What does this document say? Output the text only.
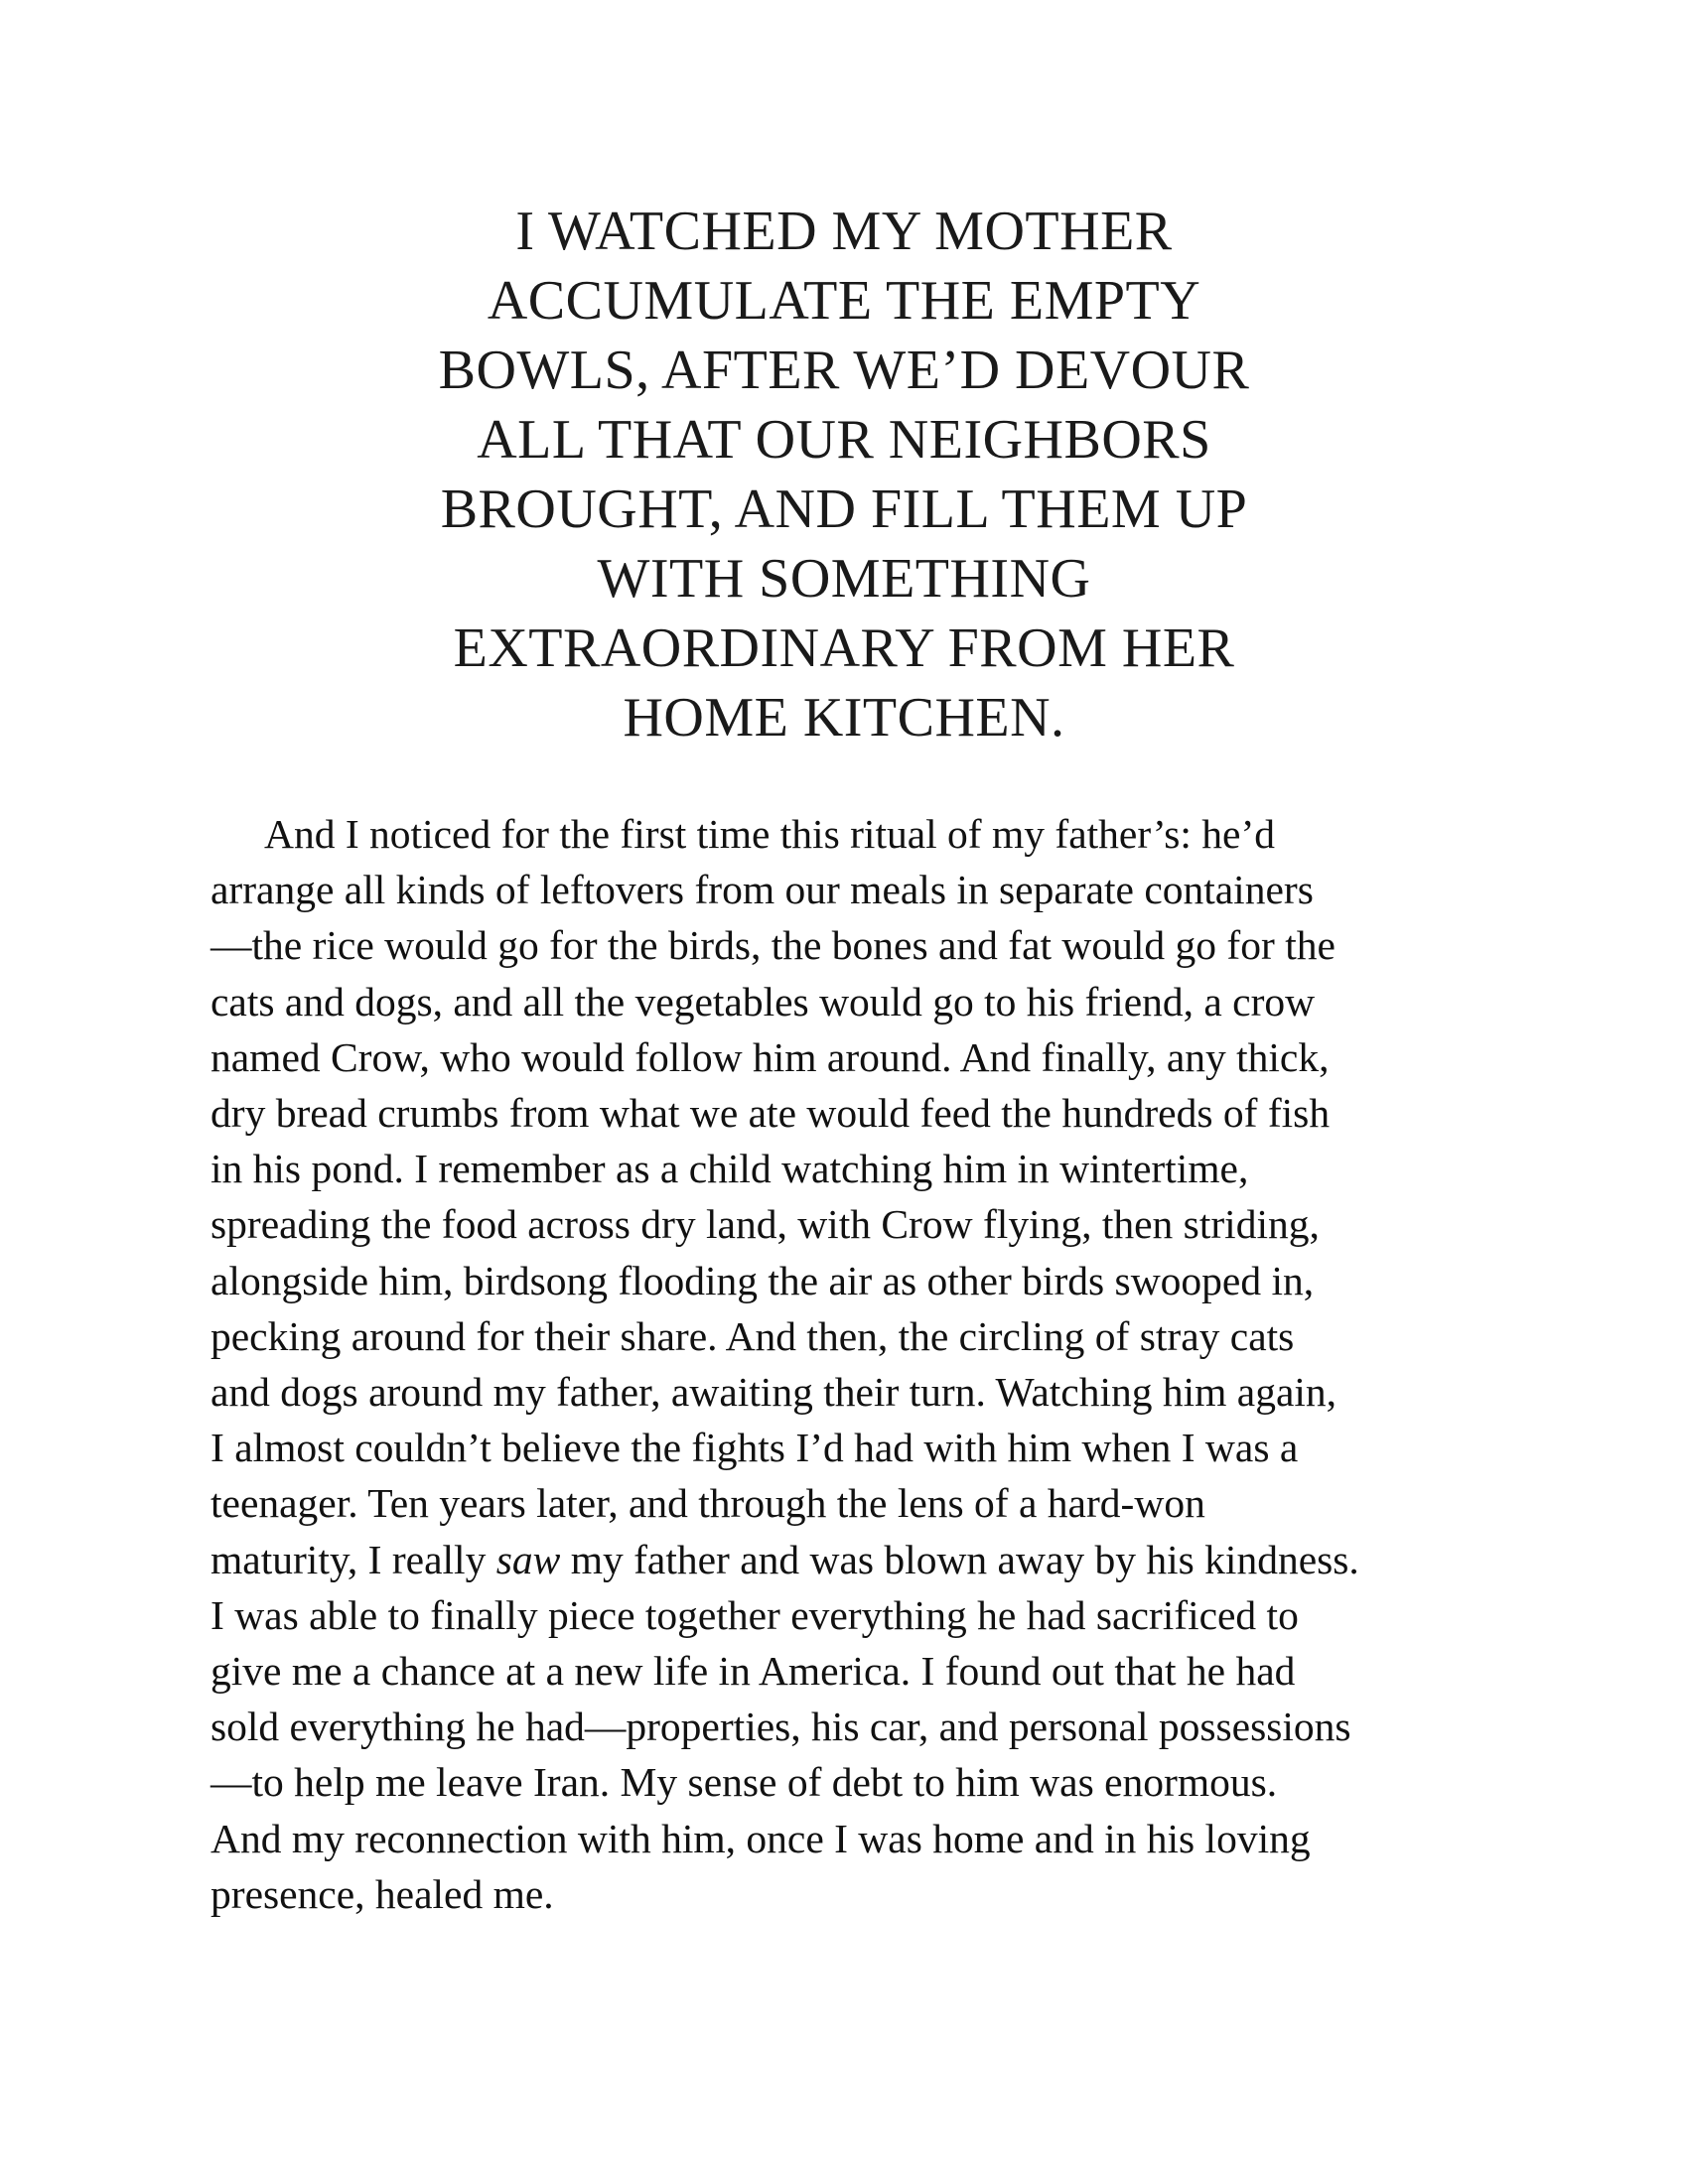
I WATCHED MY MOTHER
ACCUMULATE THE EMPTY
BOWLS, AFTER WE’D DEVOUR
ALL THAT OUR NEIGHBORS
BROUGHT, AND FILL THEM UP
WITH SOMETHING
EXTRAORDINARY FROM HER
HOME KITCHEN.

And I noticed for the first time this ritual of my father’s: he’d
arrange all kinds of leftovers from our meals in separate containers
—the rice would go for the birds, the bones and fat would go for the
cats and dogs, and all the vegetables would go to his friend, a crow
named Crow, who would follow him around. And finally, any thick,
dry bread crumbs from what we ate would feed the hundreds of fish
in his pond. I remember as a child watching him in wintertime,
spreading the food across dry land, with Crow flying, then striding,
alongside him, birdsong flooding the air as other birds swooped in,
pecking around for their share. And then, the circling of stray cats
and dogs around my father, awaiting their turn. Watching him again,
I almost couldn’t believe the fights I’d had with him when I was a
teenager. Ten years later, and through the lens of a hard-won
maturity, I really saw my father and was blown away by his kindness.
I was able to finally piece together everything he had sacrificed to
give me a chance at a new life in America. I found out that he had
sold everything he had—properties, his car, and personal possessions
—to help me leave Iran. My sense of debt to him was enormous.
And my reconnection with him, once I was home and in his loving
presence, healed me.
